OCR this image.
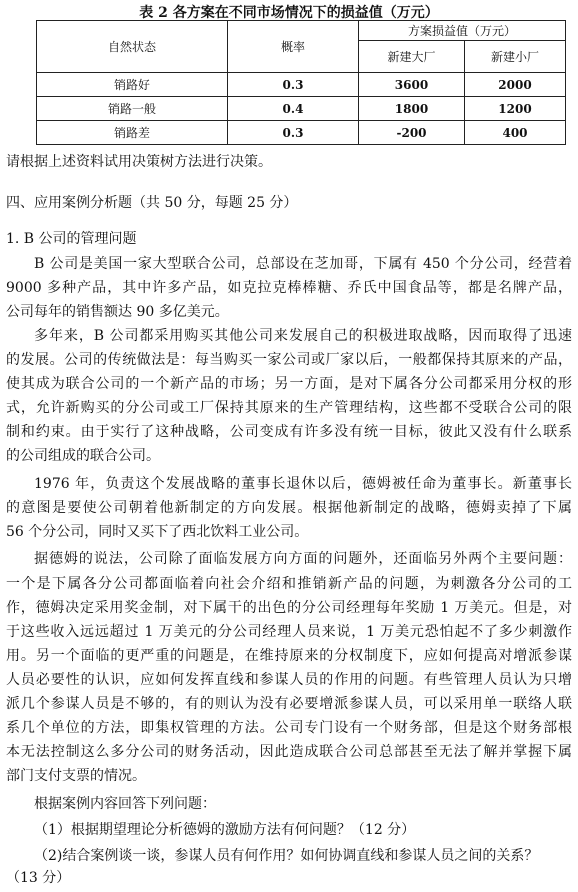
表 2 各方案在不同市场情况下的损益值（万元）
自然状态	概率	方案损益值（万元）	
		新建大厂	新建小厂
销路好	0.3	3600	2000
销路一般	0.4	1800	1200
销路差	0.3	-200	400
请根据上述资料试用决策树方法进行决策。
四、应用案例分析题（共 50 分，每题 25 分）
1. B 公司的管理问题
B 公司是美国一家大型联合公司，总部设在芝加哥，下属有 450 个分公司，经营着
9000 多种产品，其中许多产品，如克拉克棒棒糖、乔氏中国食品等，都是名牌产品，
公司每年的销售额达 90 多亿美元。
多年来，B 公司都采用购买其他公司来发展自己的积极进取战略，因而取得了迅速
的发展。公司的传统做法是：每当购买一家公司或厂家以后，一般都保持其原来的产品，
使其成为联合公司的一个新产品的市场；另一方面，是对下属各分公司都采用分权的形
式，允许新购买的分公司或工厂保持其原来的生产管理结构，这些都不受联合公司的限
制和约束。由于实行了这种战略，公司变成有许多没有统一目标，彼此又没有什么联系
的公司组成的联合公司。
1976 年，负责这个发展战略的董事长退休以后，德姆被任命为董事长。新董事长
的意图是要使公司朝着他新制定的方向发展。根据他新制定的战略，德姆卖掉了下属
56 个分公司，同时又买下了西北饮料工业公司。
据德姆的说法，公司除了面临发展方向方面的问题外，还面临另外两个主要问题：
一个是下属各分公司都面临着向社会介绍和推销新产品的问题，为刺激各分公司的工
作，德姆决定采用奖金制，对下属干的出色的分公司经理每年奖励 1 万美元。但是，对
于这些收入远远超过 1 万美元的分公司经理人员来说，1 万美元恐怕起不了多少刺激作
用。另一个面临的更严重的问题是，在维持原来的分权制度下，应如何提高对增派参谋
人员必要性的认识，应如何发挥直线和参谋人员的作用的问题。有些管理人员认为只增
派几个参谋人员是不够的，有的则认为没有必要增派参谋人员，可以采用单一联络人联
系几个单位的方法，即集权管理的方法。公司专门设有一个财务部，但是这个财务部根
本无法控制这么多分公司的财务活动，因此造成联合公司总部甚至无法了解并掌握下属
部门支付支票的情况。
根据案例内容回答下列问题：
（1）根据期望理论分析德姆的激励方法有何问题？（12 分）
（2)结合案例谈一谈，参谋人员有何作用？如何协调直线和参谋人员之间的关系？
（13 分）
